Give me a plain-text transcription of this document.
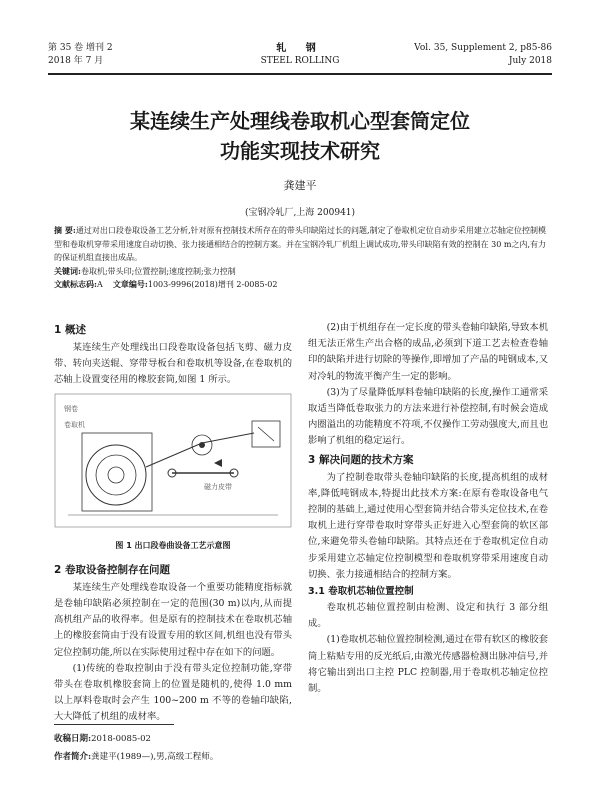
第 35 卷 增刊 2
2018 年 7 月
轧 钢
STEEL ROLLING
Vol. 35, Supplement 2, p85-86
July 2018
某连续生产处理线卷取机心型套筒定位
功能实现技术研究
龚建平
(宝钢冷轧厂,上海 200941)
摘 要:通过对出口段卷取设备工艺分析,针对原有控制技术所存在的带头印缺陷过长的问题,制定了卷取机定位自动步采用建立芯轴定位控制模型和卷取机穿带采用速度自动切换、张力接通相结合的控制方案。并在宝钢冷轧厂机组上调试成功,带头印缺陷有效的控制在 30 m之内,有力的保证机组直接出成品。
关键词:卷取机;带头印;位置控制;速度控制;张力控制
文献标志码:A 文章编号:1003-9996(2018)增刊 2-0085-02
1 概述

某连续生产处理线出口段卷取设备包括飞剪、磁力皮带、转向夹送辊、穿带导板台和卷取机等设备,在卷取机的芯轴上设置变径用的橡胶套筒,如图 1 所示。

钢卷
卷取机
磁力皮带
图 1 出口段卷曲设备工艺示意图
2 卷取设备控制存在问题

某连续生产处理线卷取设备一个重要功能精度指标就是卷轴印缺陷必须控制在一定的范围(30 m)以内,从而提高机组产品的收得率。但是原有的控制技术在卷取机芯轴上的橡胶套筒由于没有设置专用的软区间,机组也没有带头定位控制功能,所以在实际使用过程中存在如下的问题。

(1)传统的卷取控制由于没有带头定位控制功能,穿带带头在卷取机橡胶套筒上的位置是随机的,使得 1.0 mm 以上厚料卷取时会产生 100~200 m 不等的卷轴印缺陷,大大降低了机组的成材率。

(2)由于机组存在一定长度的带头卷轴印缺陷,导致本机组无法正常生产出合格的成品,必须到下道工艺去检查卷轴印的缺陷并进行切除的等操作,即增加了产品的吨钢成本,又对冷轧的物流平衡产生一定的影响。

(3)为了尽量降低厚料卷轴印缺陷的长度,操作工通常采取适当降低卷取张力的方法来进行补偿控制,有时候会造成内圈溢出的功能精度不符项,不仅操作工劳动强度大,而且也影响了机组的稳定运行。

3 解决问题的技术方案

为了控制卷取带头卷轴印缺陷的长度,提高机组的成材率,降低吨钢成本,特提出此技术方案:在原有卷取设备电气控制的基础上,通过使用心型套筒并结合带头定位技术,在卷取机上进行穿带卷取时穿带头正好进入心型套筒的软区部位,来避免带头卷轴印缺陷。其特点还在于卷取机定位自动步采用建立芯轴定位控制模型和卷取机穿带采用速度自动切换、张力接通相结合的控制方案。

3.1 卷取机芯轴位置控制

卷取机芯轴位置控制由检测、设定和执行 3 部分组成。

(1)卷取机芯轴位置控制检测,通过在带有软区的橡胶套筒上粘贴专用的反光纸后,由激光传感器检测出脉冲信号,并将它输出到出口主控 PLC 控制器,用于卷取机芯轴定位控制。

收稿日期:2018-0085-02
作者简介:龚建平(1989—),男,高级工程师。
